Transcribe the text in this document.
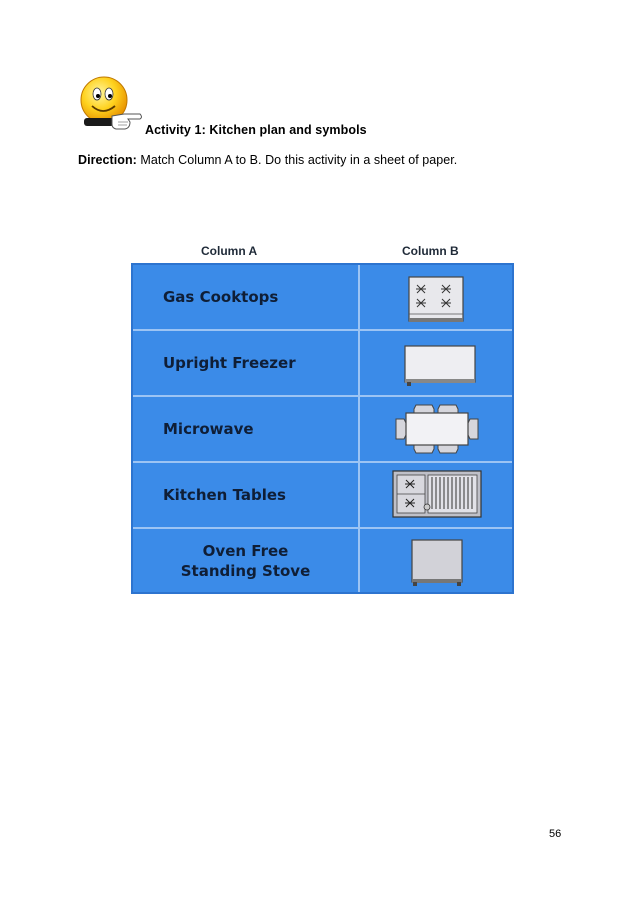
Activity 1: Kitchen plan and symbols
Direction: Match Column A to B. Do this activity in a sheet of paper.
Column A	Column B
Gas Cooktops
Upright Freezer
Microwave
Kitchen Tables
Oven Free
Standing Stove
56
